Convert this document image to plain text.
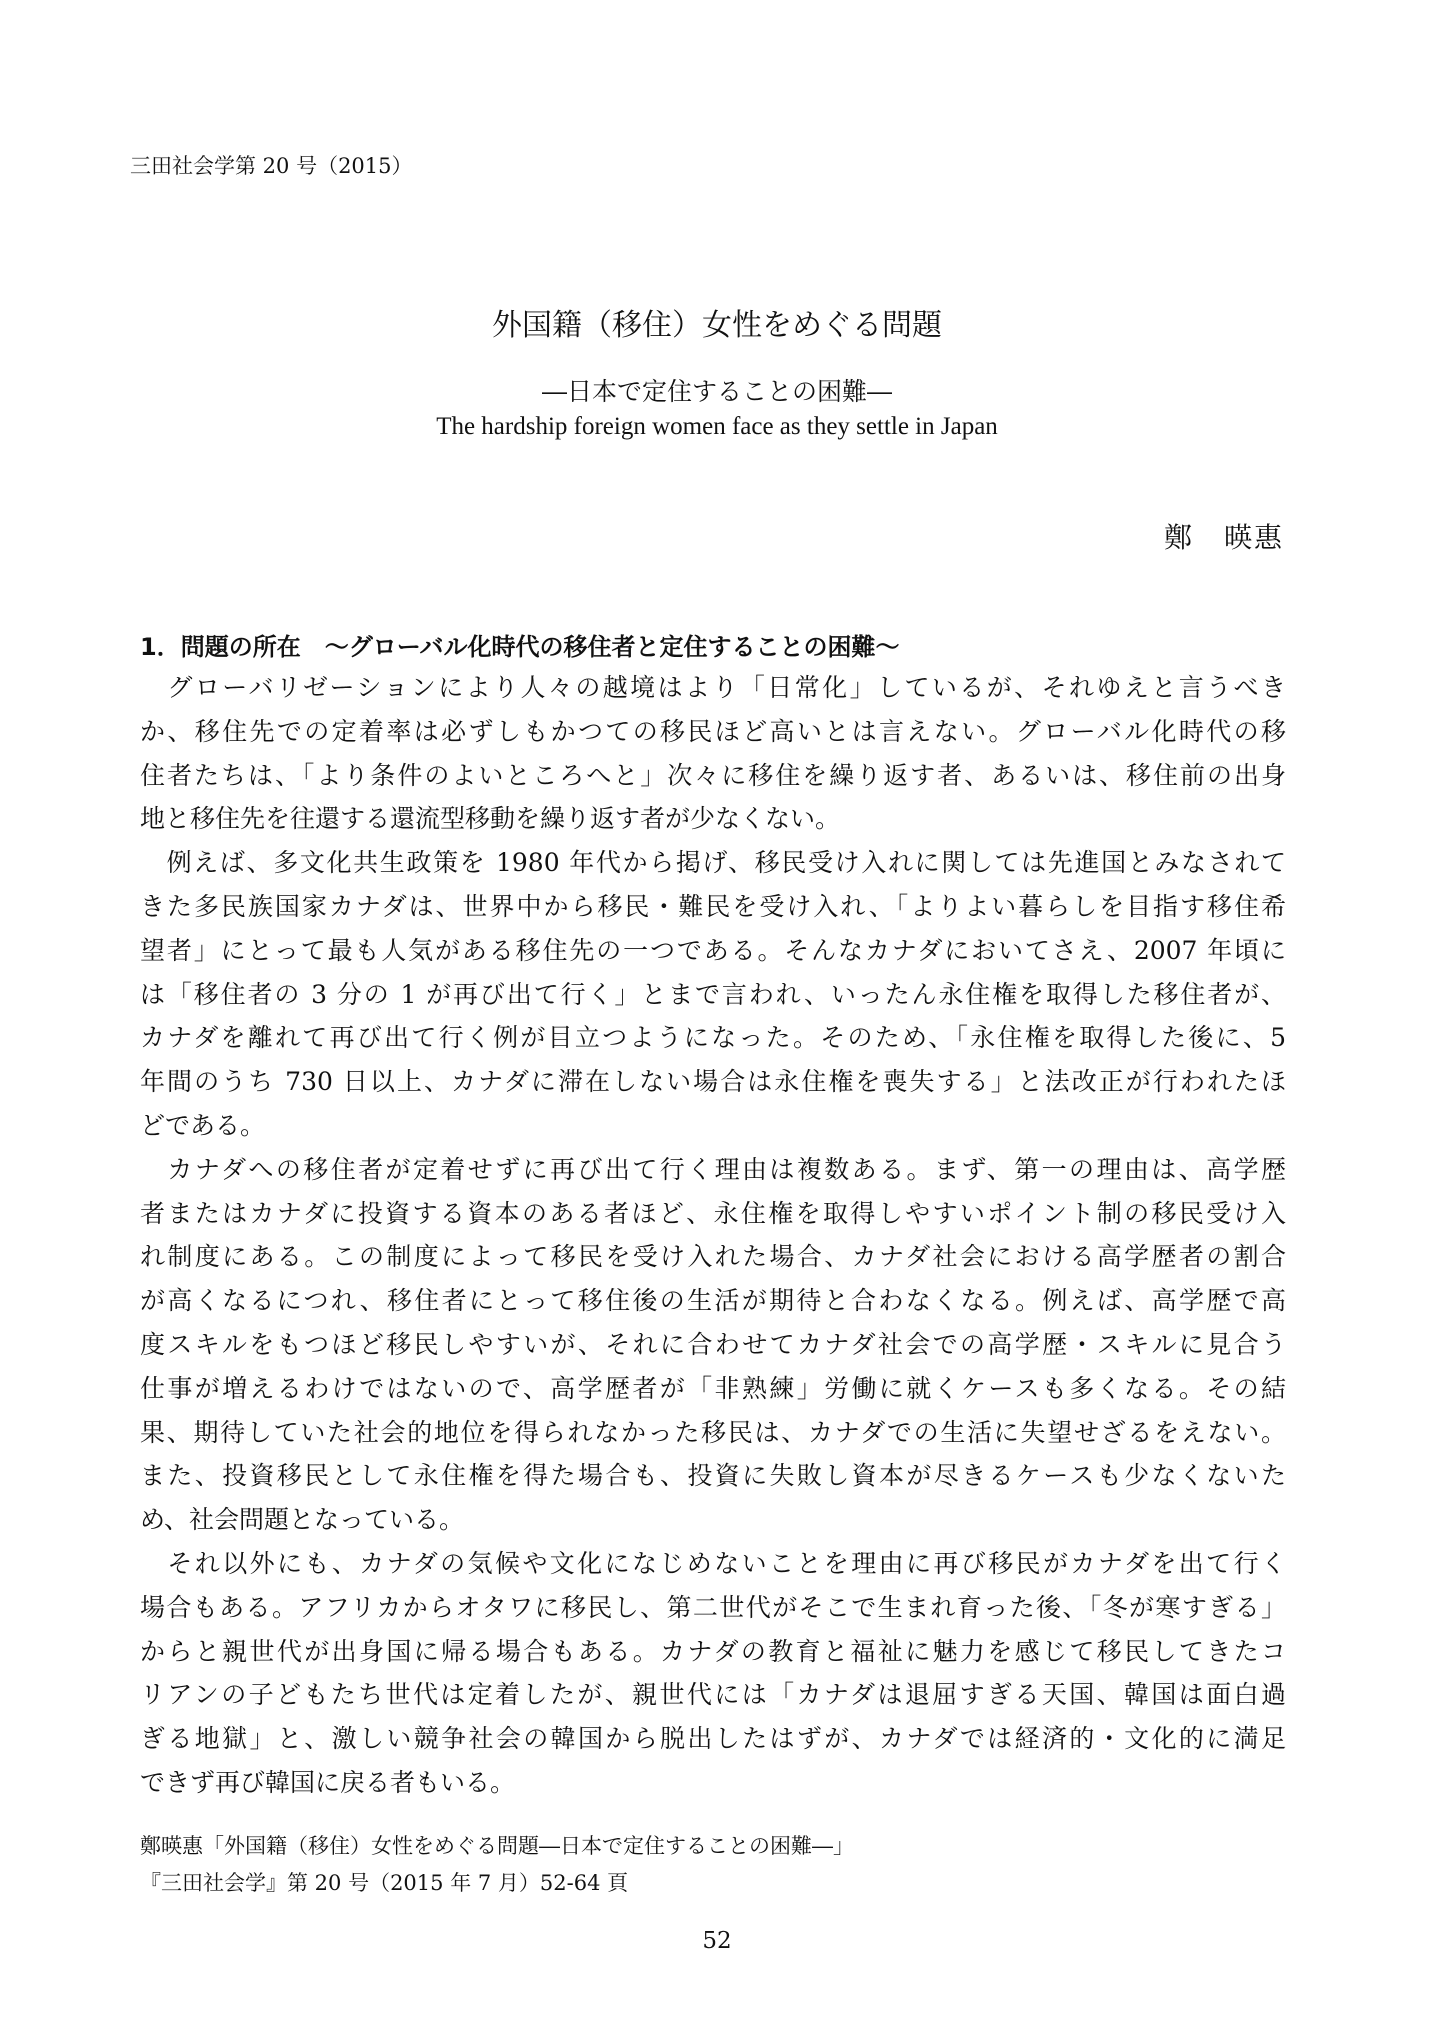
三田社会学第 20 号（2015）
外国籍（移住）女性をめぐる問題
―日本で定住することの困難―
The hardship foreign women face as they settle in Japan
鄭　暎惠
1．問題の所在　～グローバル化時代の移住者と定住することの困難～
　グローバリゼーションにより人々の越境はより「日常化」しているが、それゆえと言うべき
か、移住先での定着率は必ずしもかつての移民ほど高いとは言えない。グローバル化時代の移
住者たちは、「より条件のよいところへと」次々に移住を繰り返す者、あるいは、移住前の出身
地と移住先を往還する還流型移動を繰り返す者が少なくない。
　例えば、多文化共生政策を 1980 年代から掲げ、移民受け入れに関しては先進国とみなされて
きた多民族国家カナダは、世界中から移民・難民を受け入れ、「よりよい暮らしを目指す移住希
望者」にとって最も人気がある移住先の一つである。そんなカナダにおいてさえ、2007 年頃に
は「移住者の 3 分の 1 が再び出て行く」とまで言われ、いったん永住権を取得した移住者が、
カナダを離れて再び出て行く例が目立つようになった。そのため、「永住権を取得した後に、5
年間のうち 730 日以上、カナダに滞在しない場合は永住権を喪失する」と法改正が行われたほ
どである。
　カナダへの移住者が定着せずに再び出て行く理由は複数ある。まず、第一の理由は、高学歴
者またはカナダに投資する資本のある者ほど、永住権を取得しやすいポイント制の移民受け入
れ制度にある。この制度によって移民を受け入れた場合、カナダ社会における高学歴者の割合
が高くなるにつれ、移住者にとって移住後の生活が期待と合わなくなる。例えば、高学歴で高
度スキルをもつほど移民しやすいが、それに合わせてカナダ社会での高学歴・スキルに見合う
仕事が増えるわけではないので、高学歴者が「非熟練」労働に就くケースも多くなる。その結
果、期待していた社会的地位を得られなかった移民は、カナダでの生活に失望せざるをえない。
また、投資移民として永住権を得た場合も、投資に失敗し資本が尽きるケースも少なくないた
め、社会問題となっている。
　それ以外にも、カナダの気候や文化になじめないことを理由に再び移民がカナダを出て行く
場合もある。アフリカからオタワに移民し、第二世代がそこで生まれ育った後、「冬が寒すぎる」
からと親世代が出身国に帰る場合もある。カナダの教育と福祉に魅力を感じて移民してきたコ
リアンの子どもたち世代は定着したが、親世代には「カナダは退屈すぎる天国、韓国は面白過
ぎる地獄」と、激しい競争社会の韓国から脱出したはずが、カナダでは経済的・文化的に満足
できず再び韓国に戻る者もいる。
鄭暎惠「外国籍（移住）女性をめぐる問題―日本で定住することの困難―」
『三田社会学』第 20 号（2015 年 7 月）52-64 頁
52
